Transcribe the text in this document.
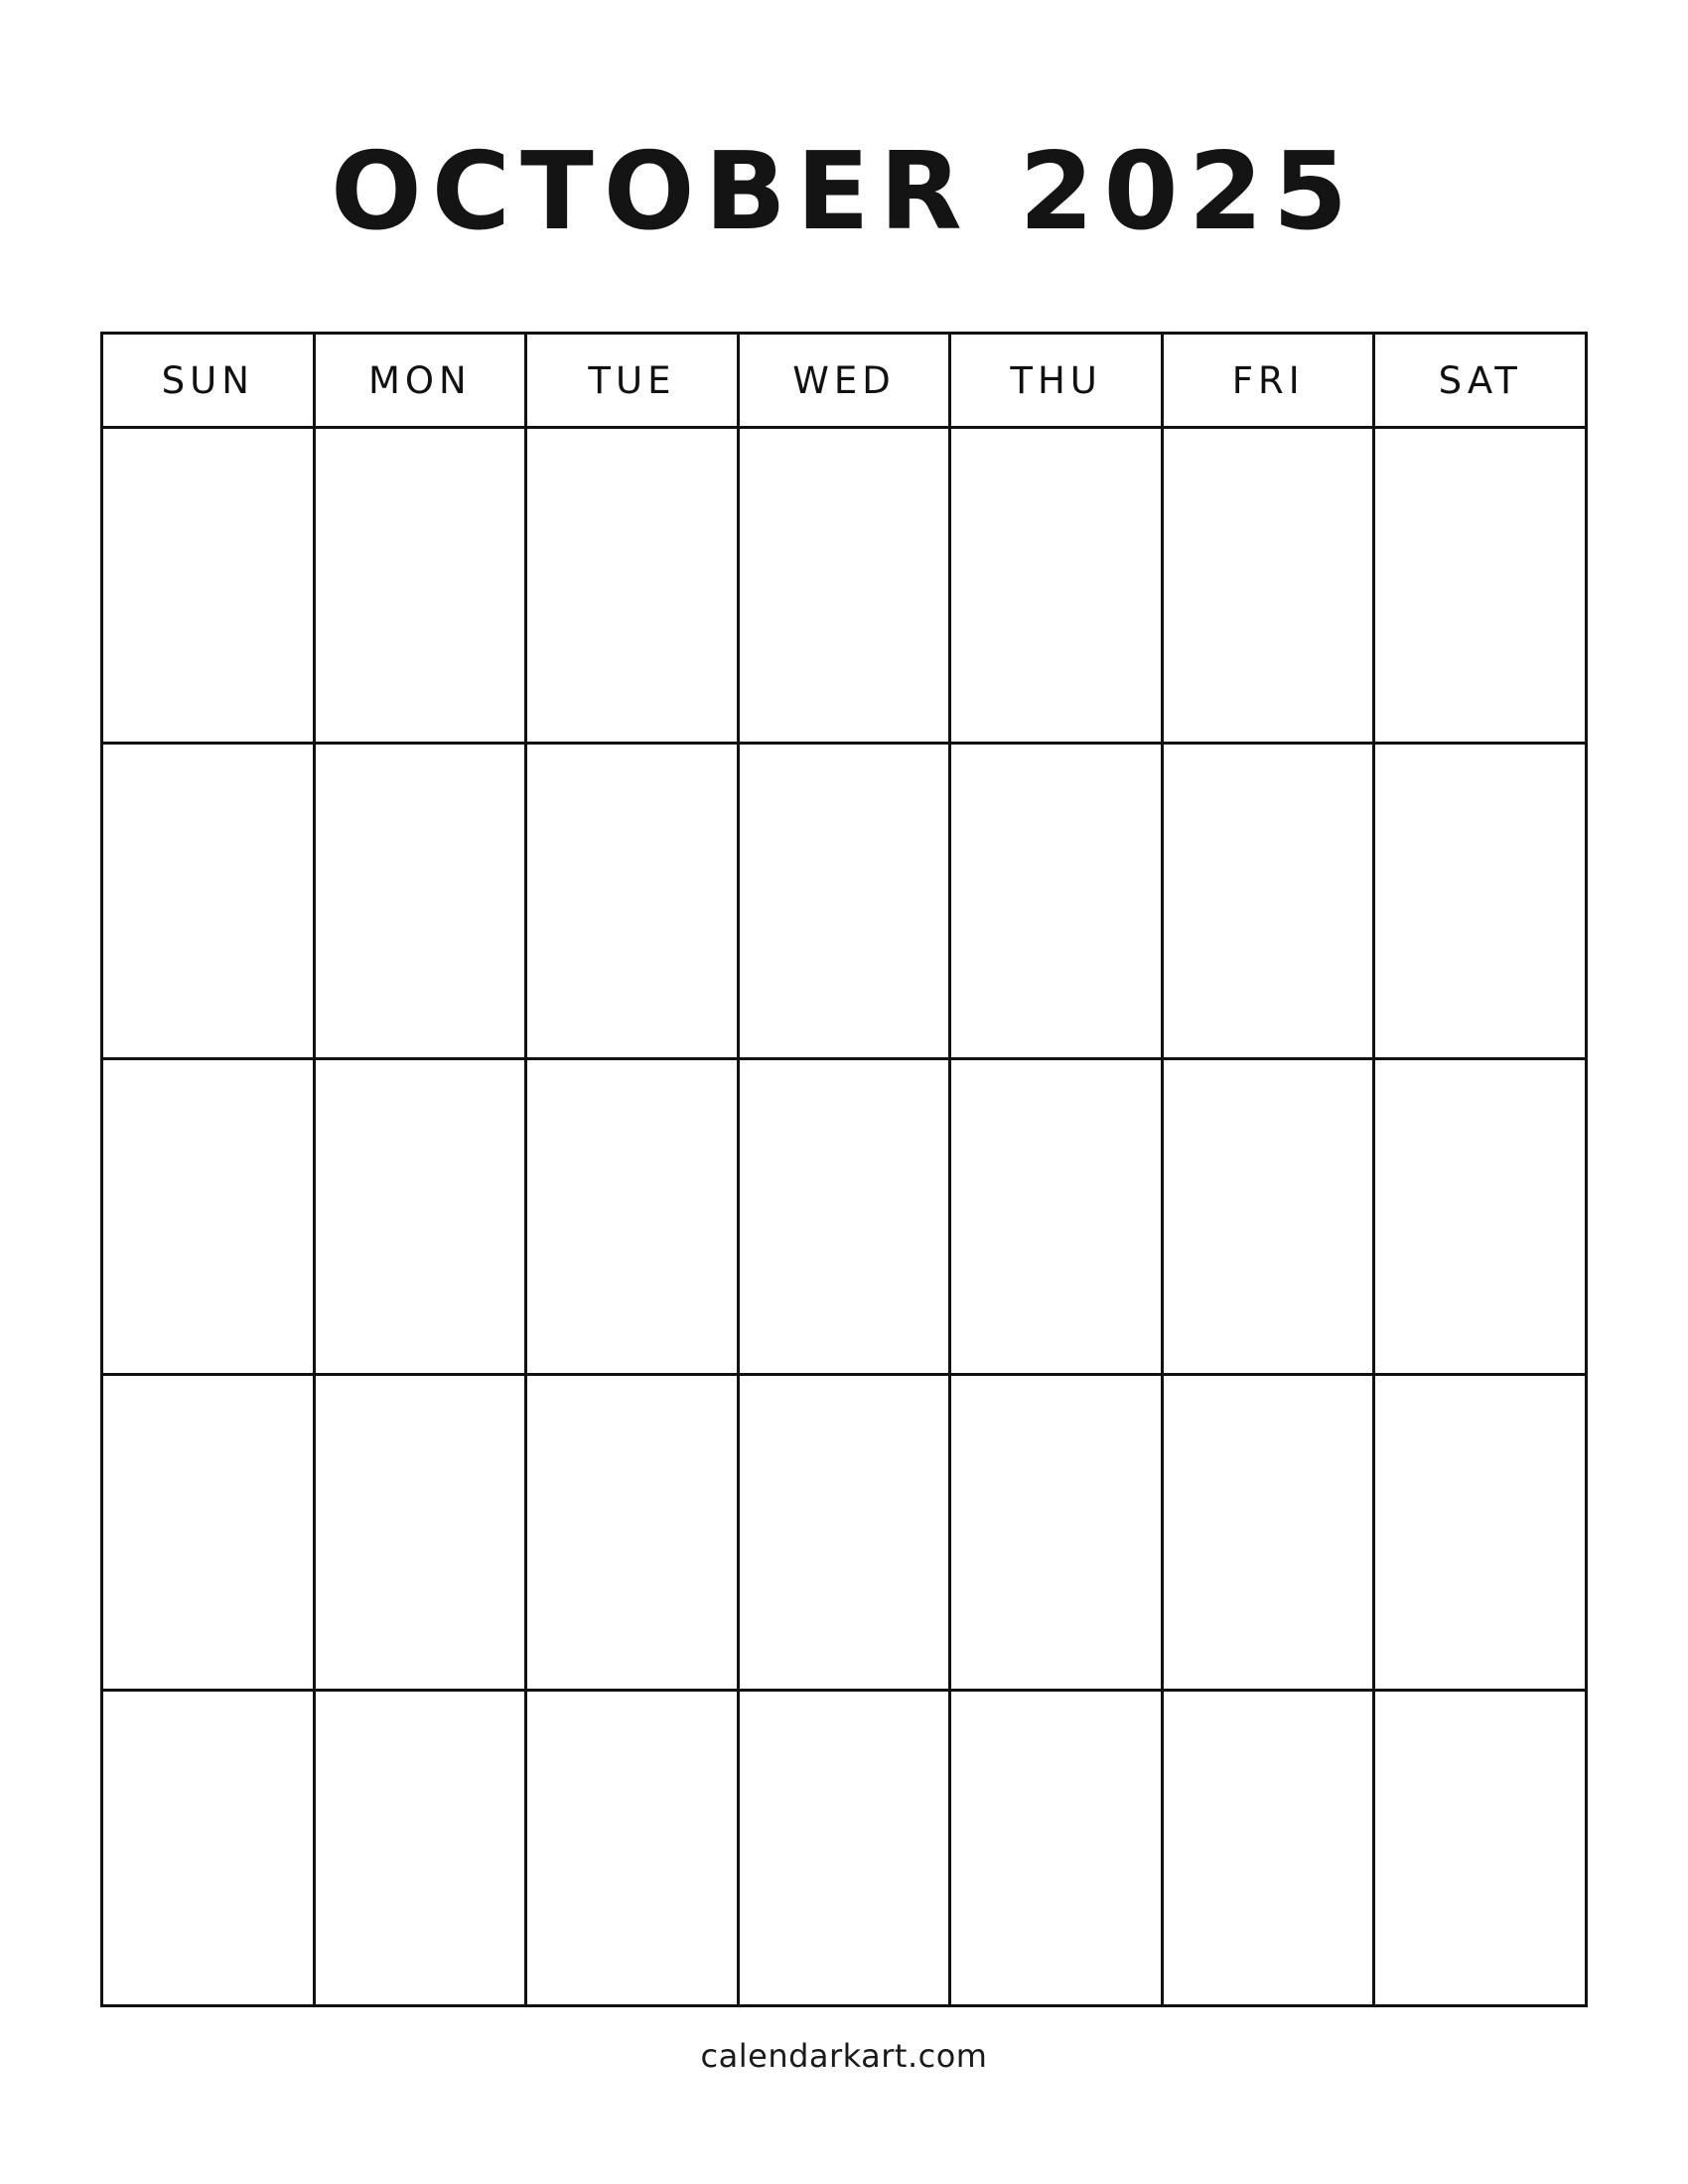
OCTOBER 2025
SUN	MON	TUE	WED	THU	FRI	SAT
calendarkart.com
